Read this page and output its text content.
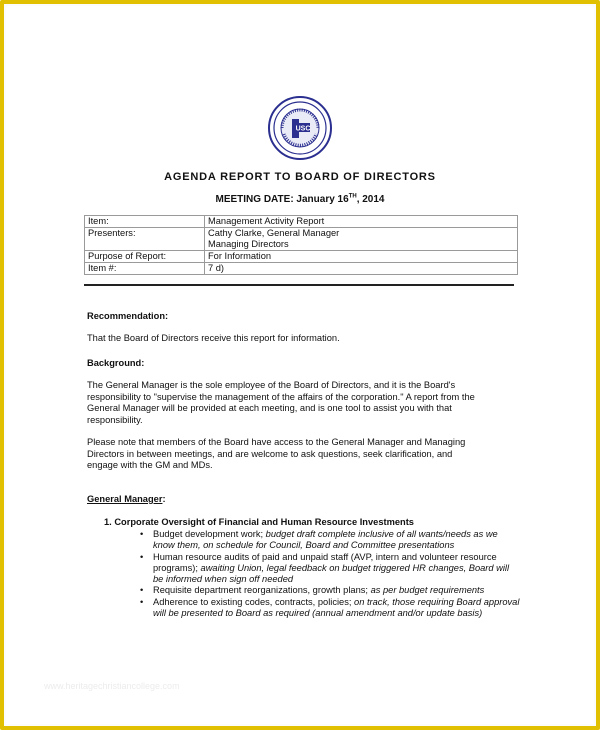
USC
AGENDA REPORT TO BOARD OF DIRECTORS
MEETING DATE: January 16TH, 2014
Item:	Management Activity Report
Presenters:	Cathy Clarke, General Manager
Managing Directors
Purpose of Report:	For Information
Item #:	7 d)
Recommendation:
That the Board of Directors receive this report for information.
Background:
The General Manager is the sole employee of the Board of Directors, and it is the Board's
responsibility to "supervise the management of the affairs of the corporation." A report from the
General Manager will be provided at each meeting, and is one tool to assist you with that
responsibility.
Please note that members of the Board have access to the General Manager and Managing
Directors in between meetings, and are welcome to ask questions, seek clarification, and
engage with the GM and MDs.
General Manager:
1. Corporate Oversight of Financial and Human Resource Investments
• Budget development work; budget draft complete inclusive of all wants/needs as we know them, on schedule for Council, Board and Committee presentations
• Human resource audits of paid and unpaid staff (AVP, intern and volunteer resource programs); awaiting Union, legal feedback on budget triggered HR changes, Board will be informed when sign off needed
• Requisite department reorganizations, growth plans; as per budget requirements
• Adherence to existing codes, contracts, policies; on track, those requiring Board approval will be presented to Board as required (annual amendment and/or update basis)
www.heritagechristiancollege.com
